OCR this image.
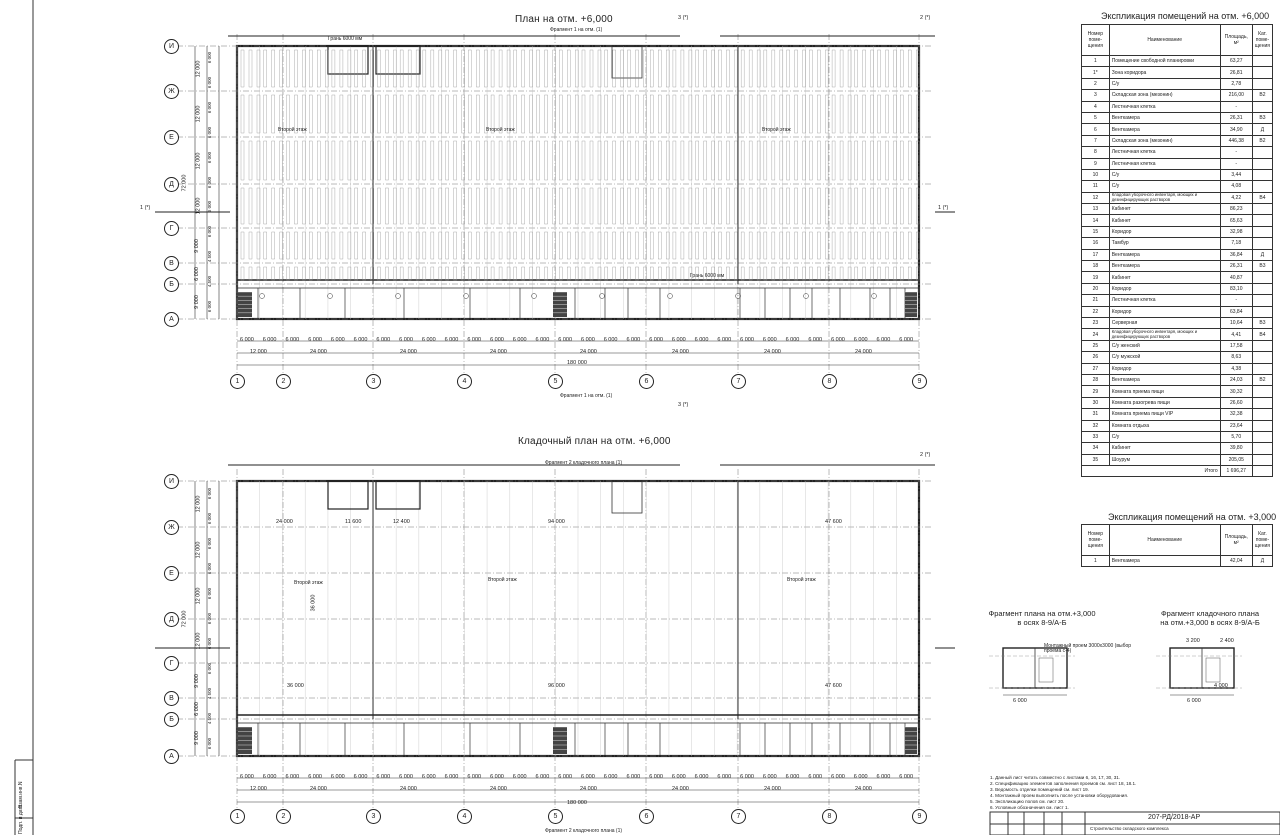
План на отм. +6,000
Фрагмент 1 на отм. (1)
Фрагмент 1 на отм. (1)
Второй этаж	Второй этаж	Второй этаж
Грань 6000 мм
Грань 6000 мм
180 000
Кладочный план на отм. +6,000
Фрагмент 2 кладочного плана (1)
Фрагмент 2 кладочного плана (1)
Второй этаж	Второй этаж	Второй этаж
24 000	11 600	12 400	94 000	47 600
36 000	96 000	47 600
36 000
180 000
И
Ж
Е
Д
Г
В
Б
А
1	2	3	4	5	6	7	8	9
И
Ж
Е
Д
Г
В
Б
А
1	2	3	4	5	6	7	8	9
6 000 6 000 6 000 6 000 6 000 6 000 6 000 6 000 6 000 6 000 6 000 6 000 6 000 6 000 6 000 6 000 6 000 6 000 6 000 6 000 6 000 6 000 6 000 6 000 6 000 6 000 6 000 6 000 6 000 6 000
12 000	24 000	24 000	24 000	24 000	24 000	24 000	24 000
6 000 6 000 6 000 6 000 6 000 6 000 6 000 6 000 6 000 6 000 6 000 6 000 6 000 6 000 6 000 6 000 6 000 6 000 6 000 6 000 6 000 6 000 6 000 6 000 6 000 6 000 6 000 6 000 6 000 6 000
12 000	24 000	24 000	24 000	24 000	24 000	24 000	24 000
12 000
12 000
12 000
12 000
9 000
6 000
9 000
72 000
6 000
6 000
6 000
6 000
6 000
6 000
6 000
6 000
4 500
4 500
6 000
12 000
12 000
12 000
12 000
9 000
6 000
9 000
72 000
6 000
6 000
6 000
6 000
6 000
6 000
6 000
6 000
4 500
4 500
6 000
1 (*)	1 (*)
2 (*)
3 (*)
3 (*)
2 (*)
Экспликация помещений на отм. +6,000
Номер поме-щения	Наименование	Площадь, м²	Кат. поме-щения
1	Помещение свободной планировки	63,27	
1*	Зона коридора	26,81	
2	С/у	2,78	
3	Складская зона (мезонин)	216,00	В2
4	Лестничная клетка	-	
5	Венткамера	26,31	В3
6	Венткамера	34,90	Д
7	Складская зона (мезонин)	446,38	В2
8	Лестничная клетка	-	
9	Лестничная клетка	-	
10	С/у	3,44	
11	С/у	4,08	
12	Кладовая уборочного инвентаря, моющих и дезинфицирующих растворов	4,22	В4
13	Кабинет	86,23	
14	Кабинет	65,63	
15	Коридор	32,98	
16	Тамбур	7,18	
17	Венткамера	36,84	Д
18	Венткамера	26,31	В3
19	Кабинет	40,87	
20	Коридор	83,10	
21	Лестничная клетка	-	
22	Коридор	63,84	
23	Серверная	10,64	В3
24	Кладовая уборочного инвентаря, моющих и дезинфицирующих растворов	4,41	В4
25	С/у женский	17,58	
26	С/у мужской	8,63	
27	Коридор	4,38	
28	Венткамера	24,03	В2
29	Комната приема пищи	30,32	
30	Комната разогрева пищи	26,60	
31	Комната приема пищи VIP	32,38	
32	Комната отдыха	23,64	
33	С/у	5,70	
34	Кабинет	39,80	
35	Шоурум	205,05	
Итого		1 696,27	
Экспликация помещений на отм. +3,000
Номер поме-щения	Наименование	Площадь, м²	Кат. поме-щения
1	Венткамера	42,04	Д
Фрагмент плана на отм.+3,000
в осях 8-9/А-Б
Фрагмент кладочного плана
на отм.+3,000 в осях 8-9/А-Б
Монтажный проем 3000х3000 (выбор проема с-4)
6 000	6 000
3 200	2 400
4 000
1. Данный лист читать совместно с листами 6, 16, 17, 30, 31.
2. Спецификацию элементов заполнения проемов см. лист 18, 18.1.
3. Ведомость отделки помещений см. лист 19.
4. Монтажный проем выполнить после установки оборудования.
5. Экспликацию полов см. лист 20.
6. Условные обозначения см. лист 1.
207-РД/2018-АР
Строительство складского комплекса
Взам.инв.N
Подп. и дата
